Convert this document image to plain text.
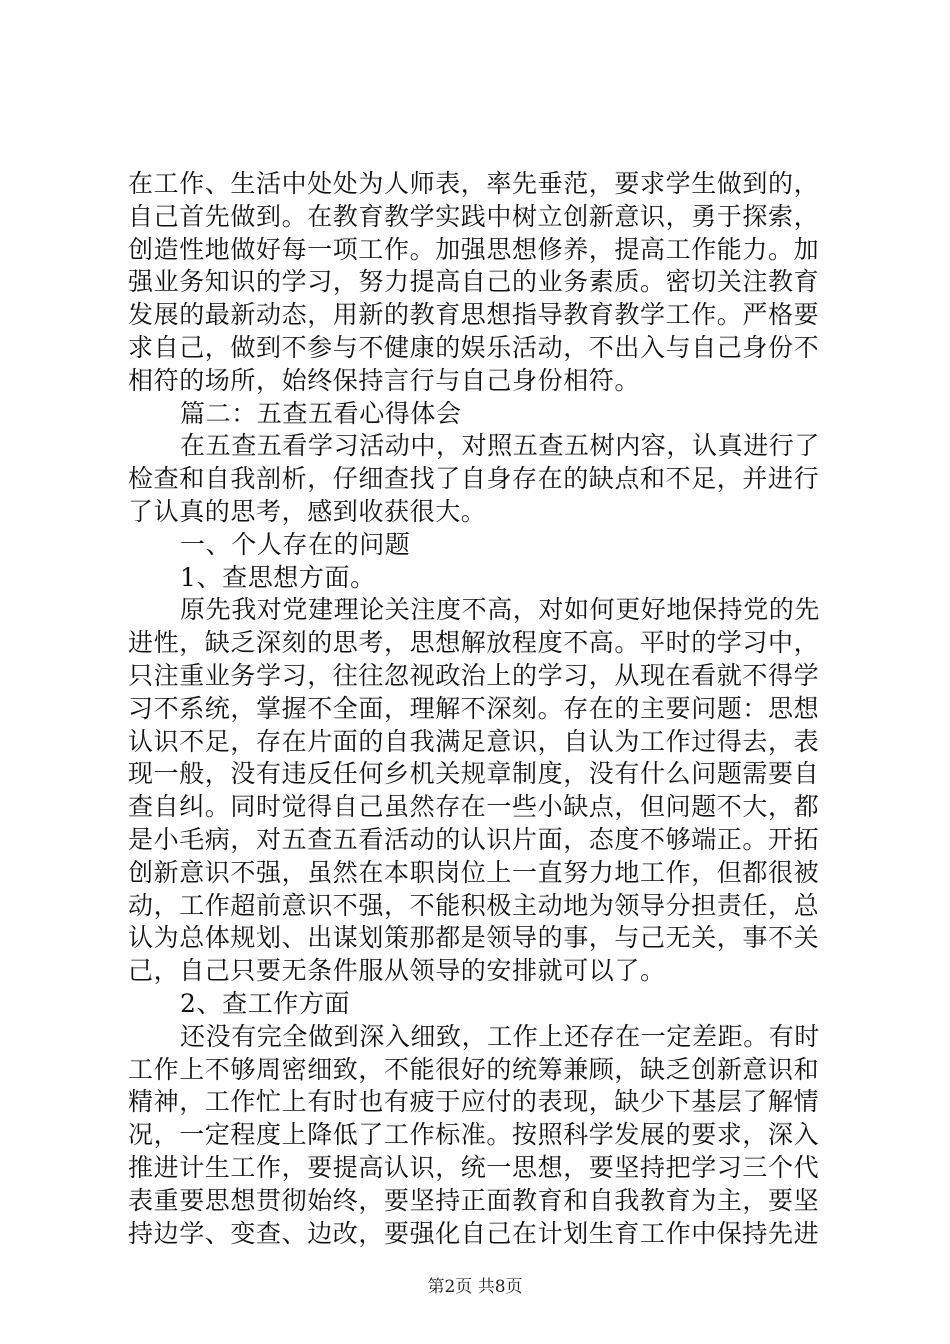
在工作、生活中处处为人师表，率先垂范，要求学生做到的，
自己首先做到。在教育教学实践中树立创新意识，勇于探索，
创造性地做好每一项工作。加强思想修养，提高工作能力。加
强业务知识的学习，努力提高自己的业务素质。密切关注教育
发展的最新动态，用新的教育思想指导教育教学工作。严格要
求自己，做到不参与不健康的娱乐活动，不出入与自己身份不
相符的场所，始终保持言行与自己身份相符。
篇二：五查五看心得体会
在五查五看学习活动中，对照五查五树内容，认真进行了
检查和自我剖析，仔细查找了自身存在的缺点和不足，并进行
了认真的思考，感到收获很大。
一、个人存在的问题
1、查思想方面。
原先我对党建理论关注度不高，对如何更好地保持党的先
进性，缺乏深刻的思考，思想解放程度不高。平时的学习中，
只注重业务学习，往往忽视政治上的学习，从现在看就不得学
习不系统，掌握不全面，理解不深刻。存在的主要问题：思想
认识不足，存在片面的自我满足意识，自认为工作过得去，表
现一般，没有违反任何乡机关规章制度，没有什么问题需要自
查自纠。同时觉得自己虽然存在一些小缺点，但问题不大，都
是小毛病，对五查五看活动的认识片面，态度不够端正。开拓
创新意识不强，虽然在本职岗位上一直努力地工作，但都很被
动，工作超前意识不强，不能积极主动地为领导分担责任，总
认为总体规划、出谋划策那都是领导的事，与己无关，事不关
己，自己只要无条件服从领导的安排就可以了。
2、查工作方面
还没有完全做到深入细致，工作上还存在一定差距。有时
工作上不够周密细致，不能很好的统筹兼顾，缺乏创新意识和
精神，工作忙上有时也有疲于应付的表现，缺少下基层了解情
况，一定程度上降低了工作标准。按照科学发展的要求，深入
推进计生工作，要提高认识，统一思想，要坚持把学习三个代
表重要思想贯彻始终，要坚持正面教育和自我教育为主，要坚
持边学、变查、边改，要强化自己在计划生育工作中保持先进
第2页 共8页
